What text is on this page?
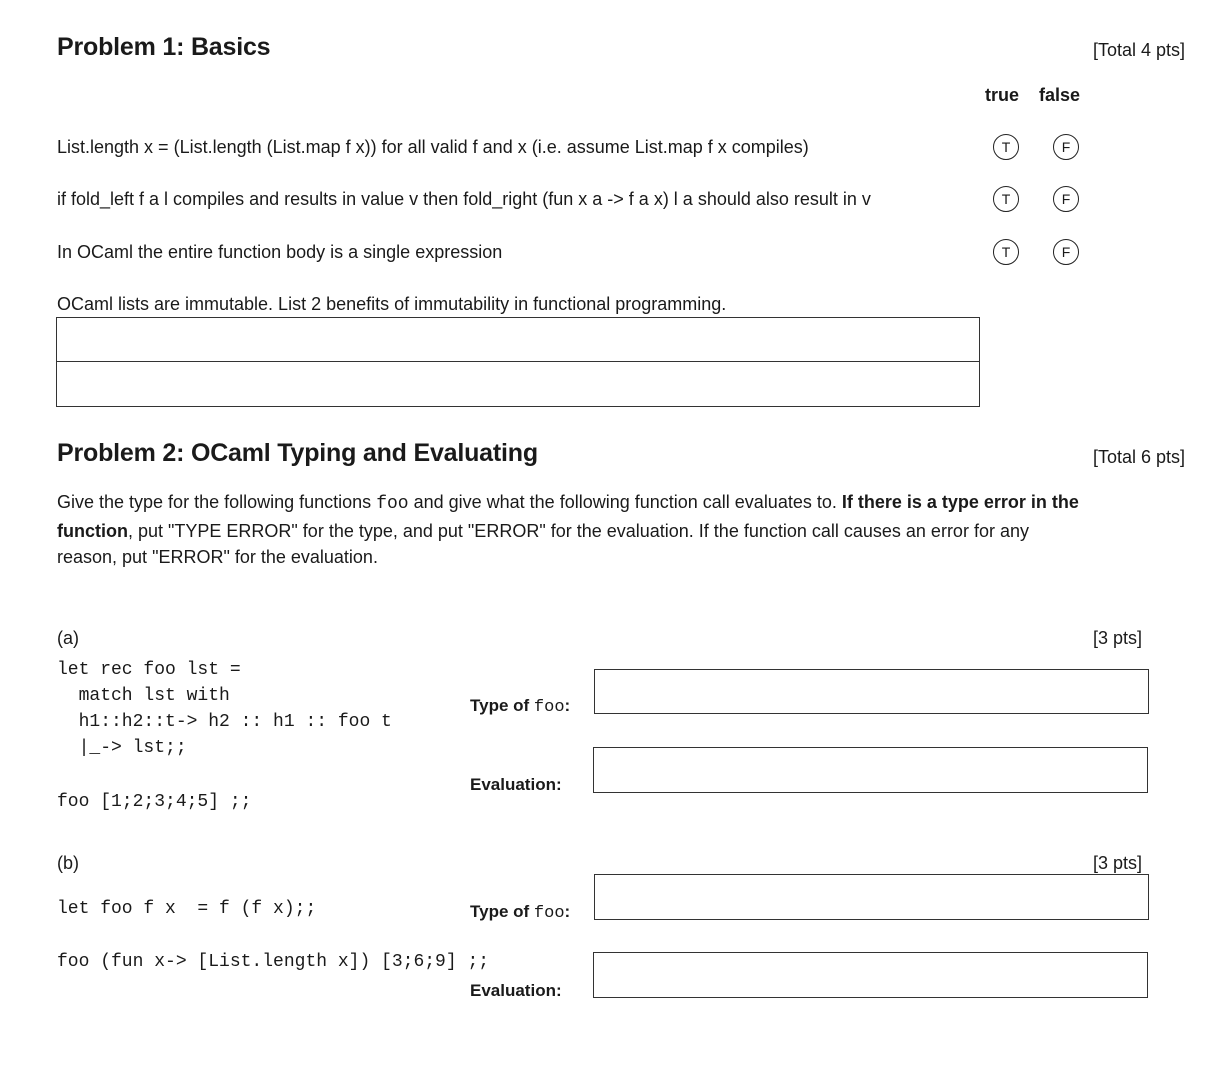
Problem 1: Basics	[Total 4 pts]
true false
List.length x = (List.length (List.map f x)) for all valid f and x (i.e. assume List.map f x compiles)	T	F
if fold_left f a l compiles and results in value v then fold_right (fun x a -> f a x) l a should also result in v	T	F
In OCaml the entire function body is a single expression	T	F
OCaml lists are immutable. List 2 benefits of immutability in functional programming.
Problem 2: OCaml Typing and Evaluating	[Total 6 pts]
Give the type for the following functions foo and give what the following function call evaluates to. If there is a type error in the function, put "TYPE ERROR" for the type, and put "ERROR" for the evaluation. If the function call causes an error for any reason, put "ERROR" for the evaluation.
(a)	[3 pts]
let rec foo lst =
match lst with
h1::h2::t-> h2 :: h1 :: foo t
|_-> lst;;
foo [1;2;3;4;5] ;;
Type of foo:
Evaluation:
(b)	[3 pts]
let foo f x  = f (f x);;
foo (fun x-> [List.length x]) [3;6;9] ;;
Type of foo:
Evaluation:
